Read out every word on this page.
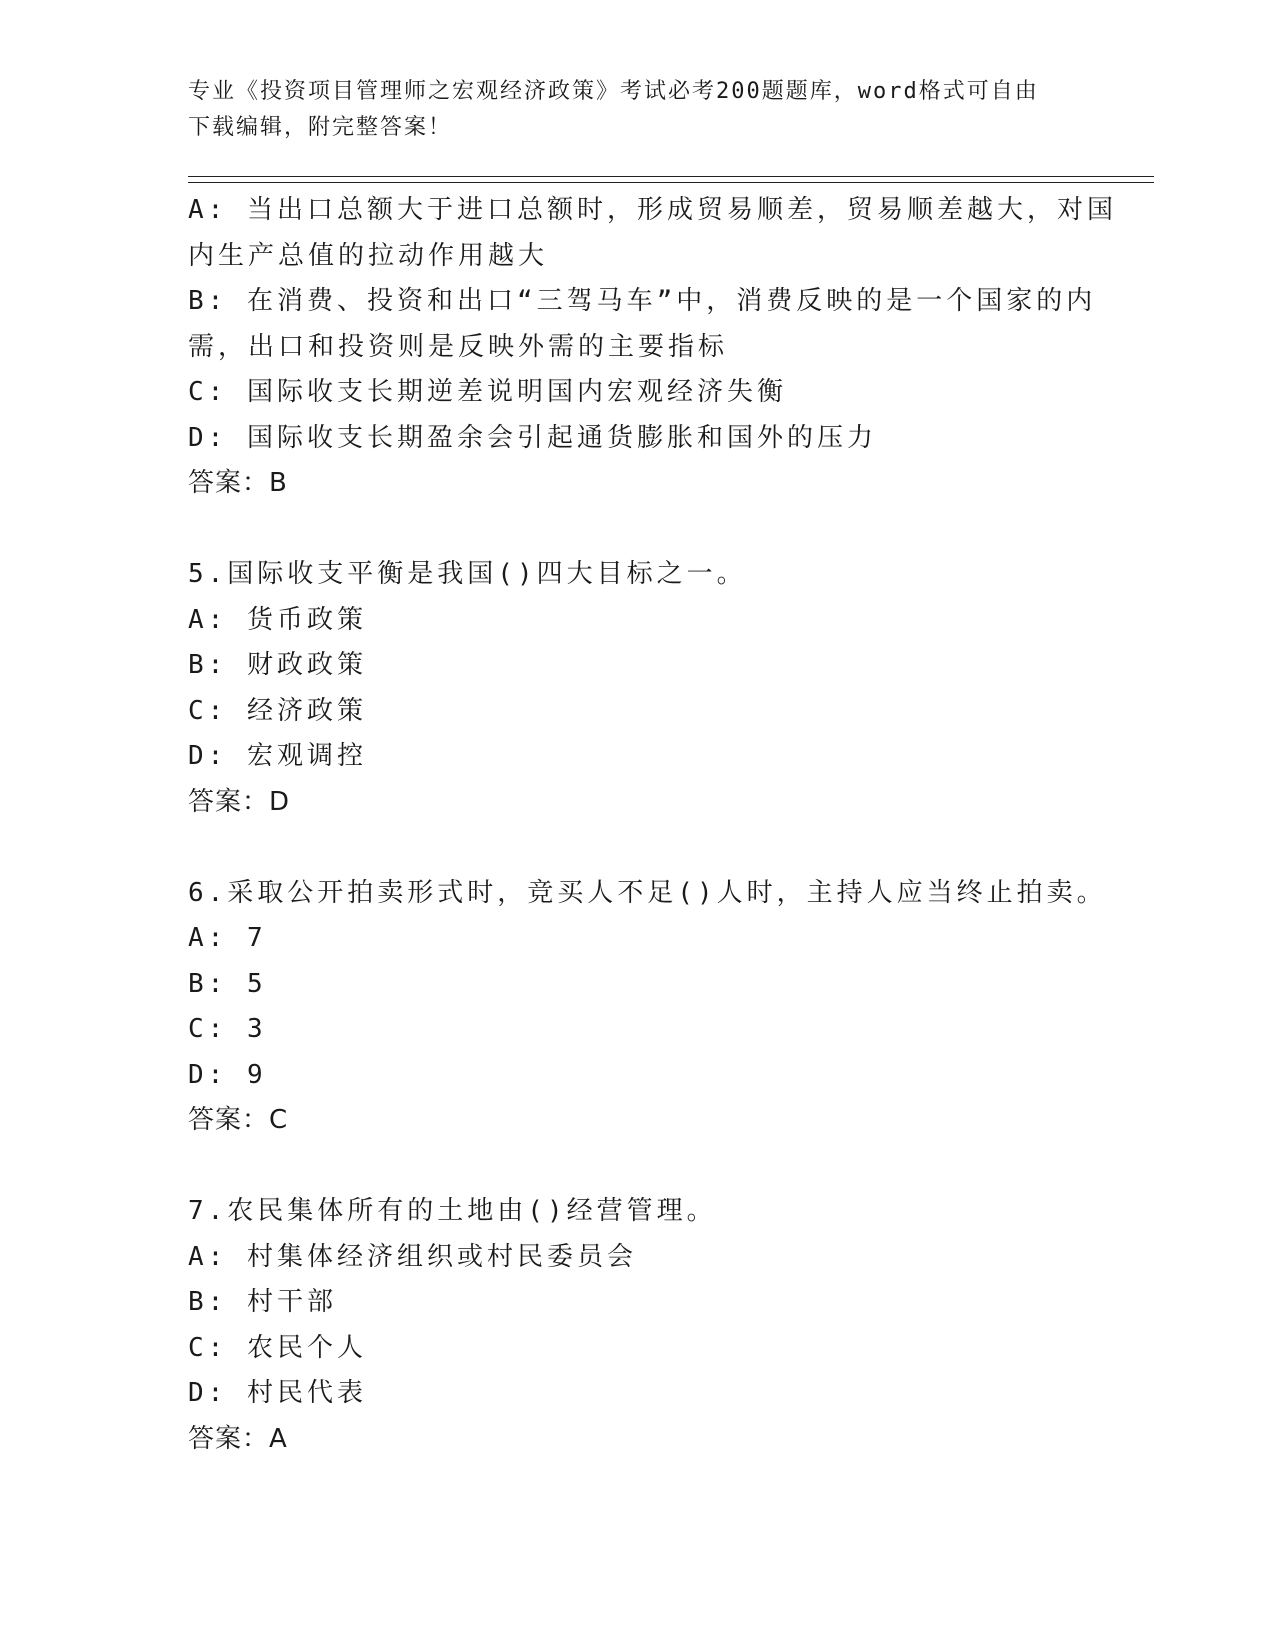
专业《投资项目管理师之宏观经济政策》考试必考200题题库，word格式可自由
下载编辑，附完整答案！
A: 当出口总额大于进口总额时，形成贸易顺差，贸易顺差越大，对国
内生产总值的拉动作用越大
B: 在消费、投资和出口“三驾马车”中，消费反映的是一个国家的内
需，出口和投资则是反映外需的主要指标
C: 国际收支长期逆差说明国内宏观经济失衡
D: 国际收支长期盈余会引起通货膨胀和国外的压力
答案：B
5.国际收支平衡是我国()四大目标之一。
A: 货币政策
B: 财政政策
C: 经济政策
D: 宏观调控
答案：D
6.采取公开拍卖形式时，竞买人不足()人时，主持人应当终止拍卖。
A: 7
B: 5
C: 3
D: 9
答案：C
7.农民集体所有的土地由()经营管理。
A: 村集体经济组织或村民委员会
B: 村干部
C: 农民个人
D: 村民代表
答案：A
